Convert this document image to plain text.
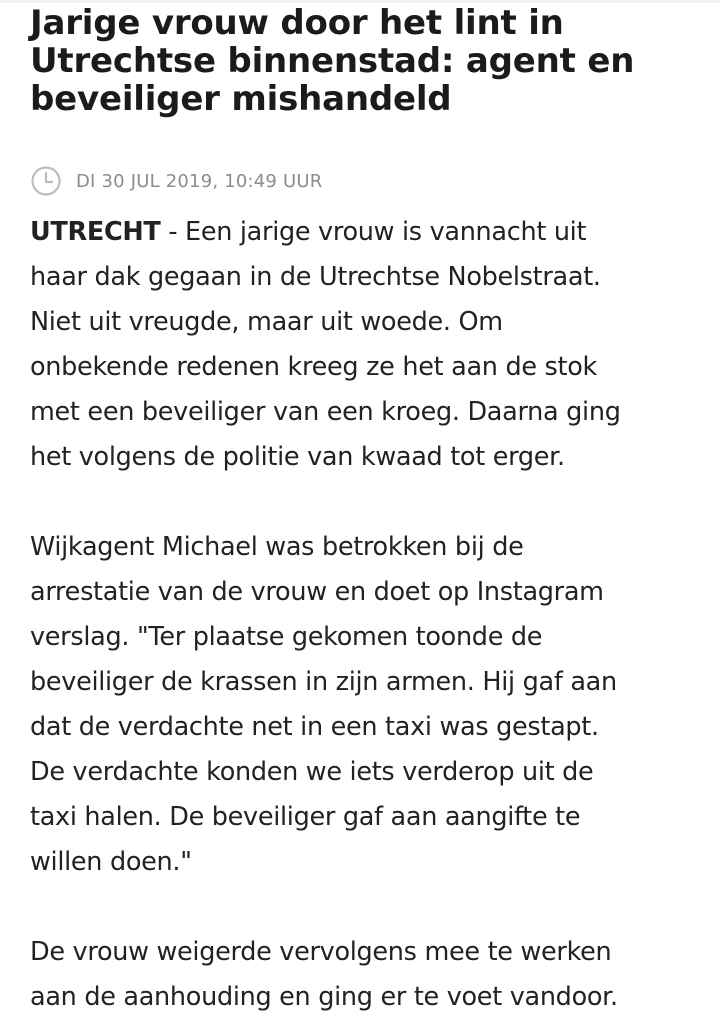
Jarige vrouw door het lint in Utrechtse binnenstad: agent en beveiliger mishandeld
DI 30 JUL 2019, 10:49 UUR

UTRECHT - Een jarige vrouw is vannacht uit
haar dak gegaan in de Utrechtse Nobelstraat.
Niet uit vreugde, maar uit woede. Om
onbekende redenen kreeg ze het aan de stok
met een beveiliger van een kroeg. Daarna ging
het volgens de politie van kwaad tot erger.

Wijkagent Michael was betrokken bij de
arrestatie van de vrouw en doet op Instagram
verslag. "Ter plaatse gekomen toonde de
beveiliger de krassen in zijn armen. Hij gaf aan
dat de verdachte net in een taxi was gestapt.
De verdachte konden we iets verderop uit de
taxi halen. De beveiliger gaf aan aangifte te
willen doen."

De vrouw weigerde vervolgens mee te werken
aan de aanhouding en ging er te voet vandoor.
